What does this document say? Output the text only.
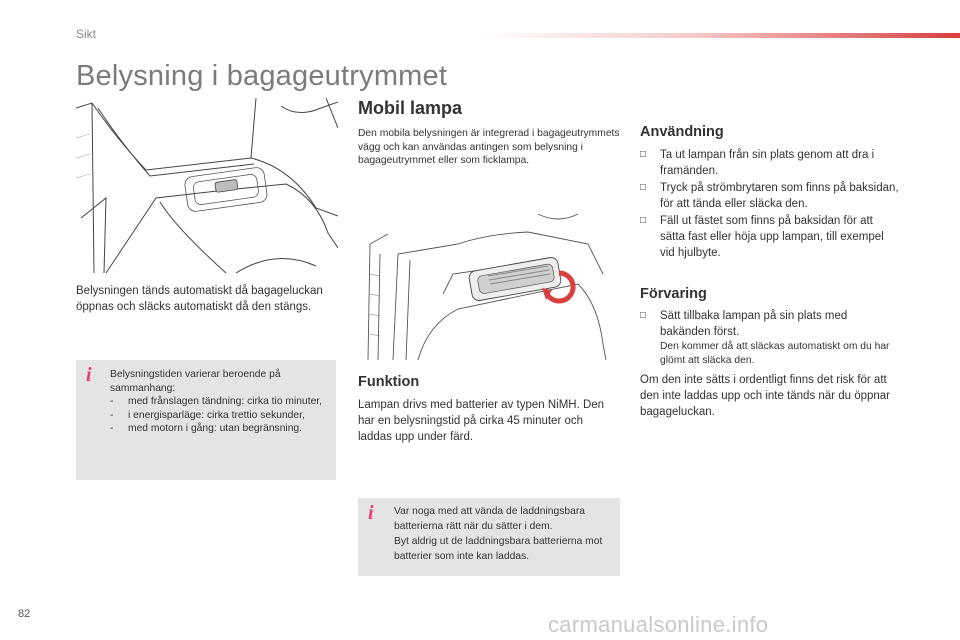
Sikt
Belysning i bagageutrymmet
Belysningen tänds automatiskt då bagageluckan öppnas och släcks automatiskt då den stängs.
i Belysningstiden varierar beroende på sammanhang:
-	med frånslagen tändning: cirka tio minuter,
-	i energisparläge: cirka trettio sekunder,
-	med motorn i gång: utan begränsning.
Mobil lampa
Den mobila belysningen är integrerad i bagageutrymmets vägg och kan användas antingen som belysning i bagageutrymmet eller som ficklampa.
Funktion
Lampan drivs med batterier av typen NiMH. Den har en belysningstid på cirka 45 minuter och laddas upp under färd.
i Var noga med att vända de laddningsbara batterierna rätt när du sätter i dem.
Byt aldrig ut de laddningsbara batterierna mot batterier som inte kan laddas.
Användning
□	Ta ut lampan från sin plats genom att dra i framänden.
□	Tryck på strömbrytaren som finns på baksidan, för att tända eller släcka den.
□	Fäll ut fästet som finns på baksidan för att sätta fast eller höja upp lampan, till exempel vid hjulbyte.
Förvaring
□	Sätt tillbaka lampan på sin plats med bakänden först.
Den kommer då att släckas automatiskt om du har glömt att släcka den.
Om den inte sätts i ordentligt finns det risk för att den inte laddas upp och inte tänds när du öppnar bagageluckan.
82	carmanualsonline.info
